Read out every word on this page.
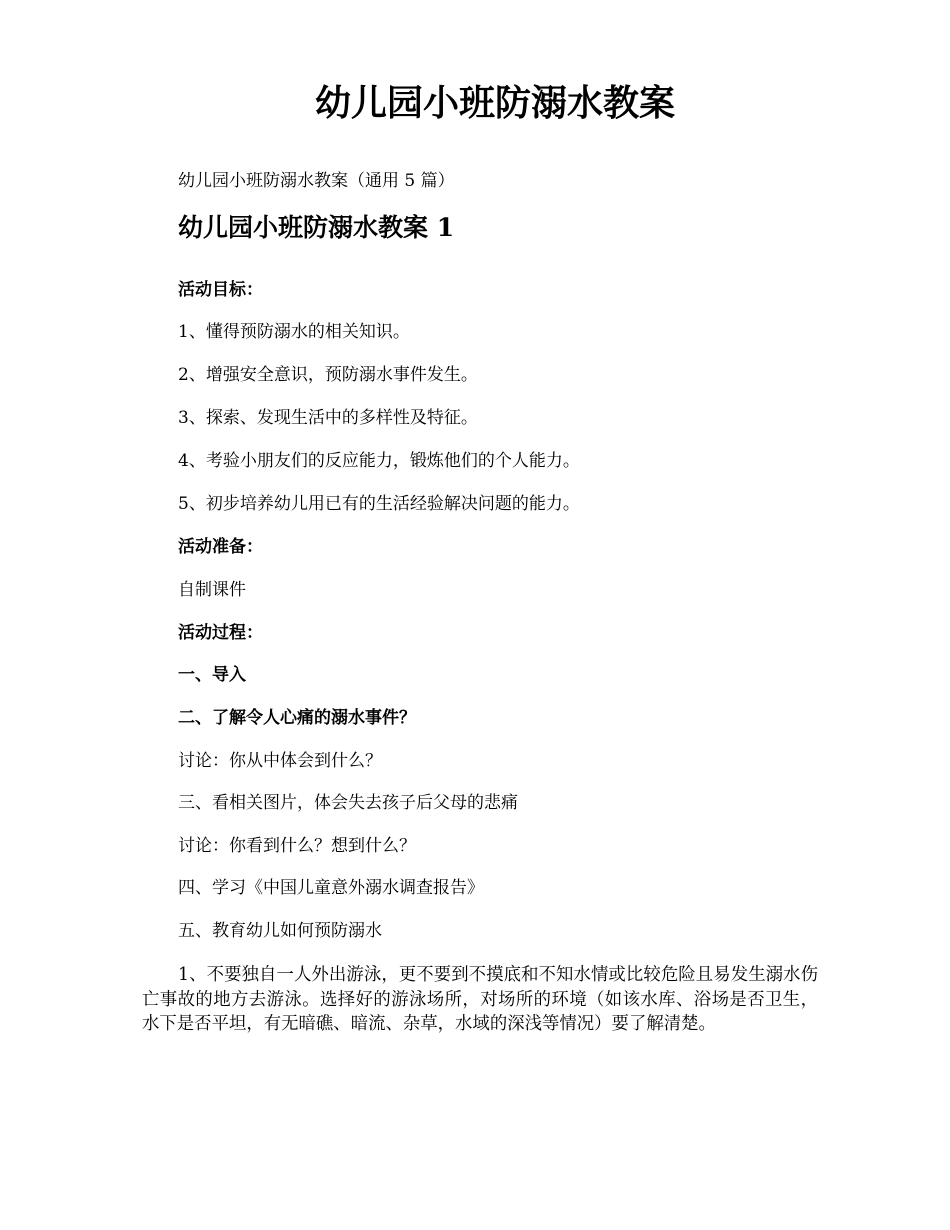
幼儿园小班防溺水教案

幼儿园小班防溺水教案（通用 5 篇）

幼儿园小班防溺水教案 1

活动目标：

1、懂得预防溺水的相关知识。

2、增强安全意识，预防溺水事件发生。

3、探索、发现生活中的多样性及特征。

4、考验小朋友们的反应能力，锻炼他们的个人能力。

5、初步培养幼儿用已有的生活经验解决问题的能力。

活动准备：

自制课件

活动过程：

一、导入

二、了解令人心痛的溺水事件？

讨论：你从中体会到什么？

三、看相关图片，体会失去孩子后父母的悲痛

讨论：你看到什么？想到什么？

四、学习《中国儿童意外溺水调查报告》

五、教育幼儿如何预防溺水

1、不要独自一人外出游泳，更不要到不摸底和不知水情或比较危险且易发生溺水伤亡事故的地方去游泳。选择好的游泳场所，对场所的环境（如该水库、浴场是否卫生，水下是否平坦，有无暗礁、暗流、杂草，水域的深浅等情况）要了解清楚。
